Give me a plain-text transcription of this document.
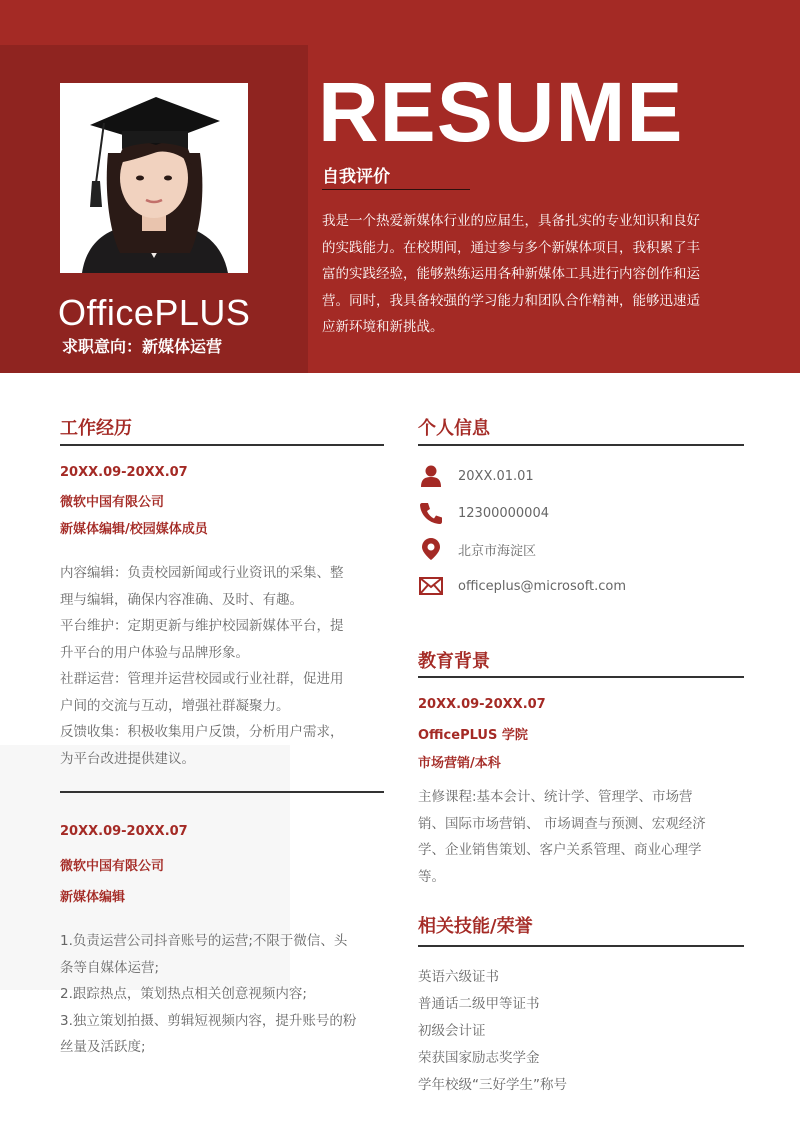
OfficePLUS
求职意向：新媒体运营
RESUME
自我评价
我是一个热爱新媒体行业的应届生，具备扎实的专业知识和良好
的实践能力。在校期间，通过参与多个新媒体项目，我积累了丰
富的实践经验，能够熟练运用各种新媒体工具进行内容创作和运
营。同时，我具备较强的学习能力和团队合作精神，能够迅速适
应新环境和新挑战。
工作经历
20XX.09-20XX.07
微软中国有限公司
新媒体编辑/校园媒体成员
内容编辑：负责校园新闻或行业资讯的采集、整
理与编辑，确保内容准确、及时、有趣。
平台维护：定期更新与维护校园新媒体平台，提
升平台的用户体验与品牌形象。
社群运营：管理并运营校园或行业社群，促进用
户间的交流与互动，增强社群凝聚力。
反馈收集：积极收集用户反馈，分析用户需求，
为平台改进提供建议。
20XX.09-20XX.07
微软中国有限公司
新媒体编辑
1.负责运营公司抖音账号的运营;不限于微信、头
条等自媒体运营;
2.跟踪热点，策划热点相关创意视频内容;
3.独立策划拍摄、剪辑短视频内容，提升账号的粉
丝量及活跃度;
个人信息
20XX.01.01
12300000004
北京市海淀区
officeplus@microsoft.com
教育背景
20XX.09-20XX.07
OfficePLUS 学院
市场营销/本科
主修课程:基本会计、统计学、管理学、市场营
销、国际市场营销、 市场调查与预测、宏观经济
学、企业销售策划、客户关系管理、商业心理学
等。
相关技能/荣誉
英语六级证书
普通话二级甲等证书
初级会计证
荣获国家励志奖学金
学年校级“三好学生”称号
